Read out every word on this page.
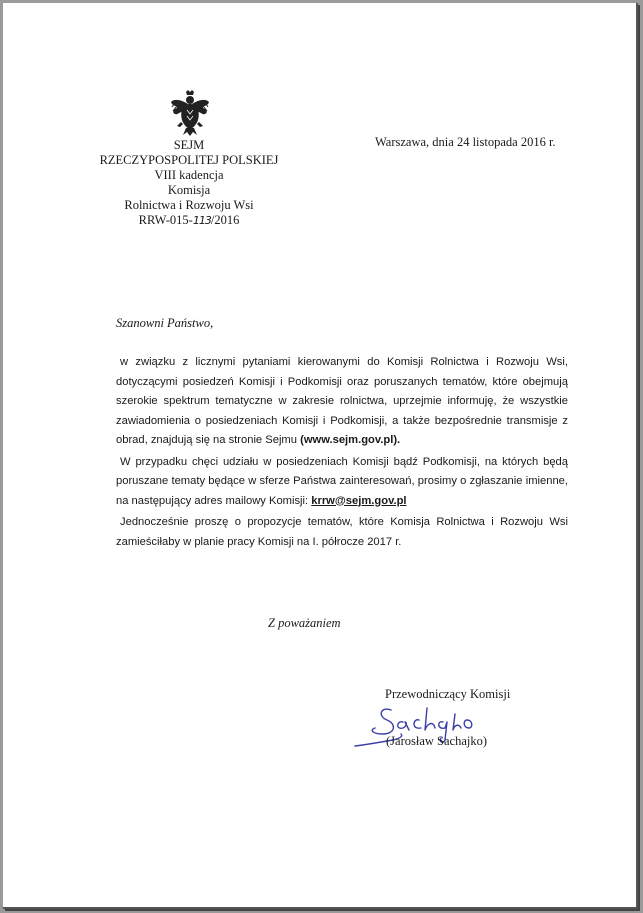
SEJM
RZECZYPOSPOLITEJ POLSKIEJ
VIII kadencja
Komisja
Rolnictwa i Rozwoju Wsi
RRW-015-113/2016
Warszawa, dnia 24 listopada 2016 r.
Szanowni Państwo,

w związku z licznymi pytaniami kierowanymi do Komisji Rolnictwa i Rozwoju Wsi, dotyczącymi posiedzeń Komisji i Podkomisji oraz poruszanych tematów, które obejmują szerokie spektrum tematyczne w zakresie rolnictwa, uprzejmie informuję, że wszystkie zawiadomienia o posiedzeniach Komisji i Podkomisji, a także bezpośrednie transmisje z obrad, znajdują się na stronie Sejmu (www.sejm.gov.pl).

W przypadku chęci udziału w posiedzeniach Komisji bądź Podkomisji, na których będą poruszane tematy będące w sferze Państwa zainteresowań, prosimy o zgłaszanie imienne, na następujący adres mailowy Komisji: krrw@sejm.gov.pl

Jednocześnie proszę o propozycje tematów, które Komisja Rolnictwa i Rozwoju Wsi zamieściłaby w planie pracy Komisji na I. półrocze 2017 r.

Z poważaniem
Przewodniczący Komisji
(Jarosław Sachajko)
